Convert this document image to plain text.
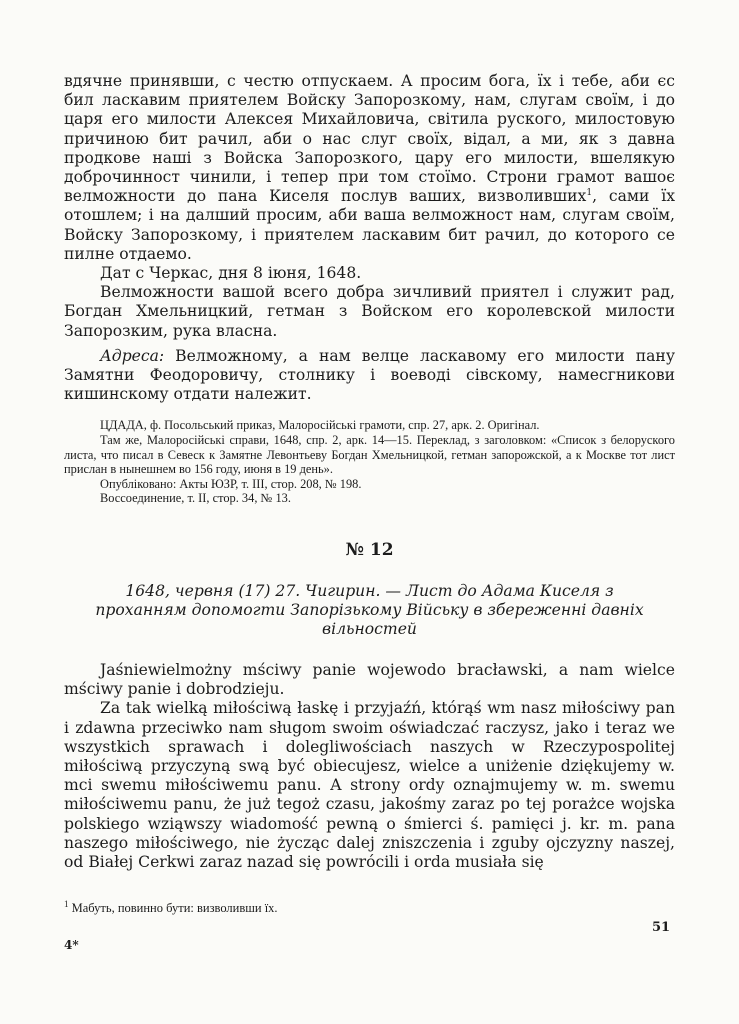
вдячне принявши, с честю отпускаем. А просим бога, їх і тебе, аби єс бил ласкавим приятелем Войску Запорозкому, нам, слугам своїм, і до царя его милости Алексея Михайловича, світила руского, милостовую причиною бит рачил, аби о нас слуг своїх, відал, а ми, як з давна продкове наші з Войска Запорозкого, цару его милости, вшелякую доброчинност чинили, і тепер при том стоїмо. Строни грамот вашоє велможности до пана Киселя послув ваших, визволивших$^1$, сами їх отошлем; і на далший просим, аби ваша велможност нам, слугам своїм, Войску Запорозкому, і приятелем ласкавим бит рачил, до которого се пилне отдаемо.

Дат с Черкас, дня 8 іюня, 1648.

Велможности вашой всего добра зичливий приятел і служит рад, Богдан Хмельницкий, гетман з Войском его королевской милости Запорозким, рука власна.

Адреса: Велможному, а нам велце ласкавому его милости пану Замятни Феодоровичу, столнику і воеводі сівскому, намесгникови кишинскому отдати належит.

ЦДАДА, ф. Посольський приказ, Малоросійські грамоти, спр. 27, арк. 2. Оригінал.
Там же, Малоросійські справи, 1648, спр. 2, арк. 14—15. Переклад, з заголовком: «Список з белоруского листа, что писал в Севеск к Замятне Левонтьеву Богдан Хмельницкой, гетман запорожской, а к Москве тот лист прислан в нынешнем во 156 году, июня в 19 день».
Опубліковано: Акты ЮЗР, т. III, стор. 208, № 198.
Воссоединение, т. II, стор. 34, № 13.
№ 12

1648, червня (17) 27. Чигирин. — Лист до Адама Киселя з проханням допомогти Запорізькому Війську в збереженні давніх вільностей

Jaśniewielmożny mściwy panie wojewodo bracławski, a nam wielce mściwy panie i dobrodzieju.

Za tak wielką miłościwą łaskę i przyjaźń, którąś wm nasz miłościwy pan i zdawna przeciwko nam sługom swoim oświadczać raczysz, jako i teraz we wszystkich sprawach i dolegliwościach naszych w Rzeczypospolitej miłościwą przyczyną swą być obiecujesz, wielce a uniżenie dziękujemy w. mci swemu miłościwemu panu. A strony ordy oznajmujemy w. m. swemu miłościwemu panu, że już tegoż czasu, jakośmy zaraz po tej porażce wojska polskiego wziąwszy wiadomość pewną o śmierci ś. pamięci j. kr. m. pana naszego miłościwego, nie życząc dalej zniszczenia i zguby ojczyzny naszej, od Białej Cerkwi zaraz nazad się powrócili i orda musiała się

$^1$ Мабуть, повинно бути: визволивши їх.
51
4*
